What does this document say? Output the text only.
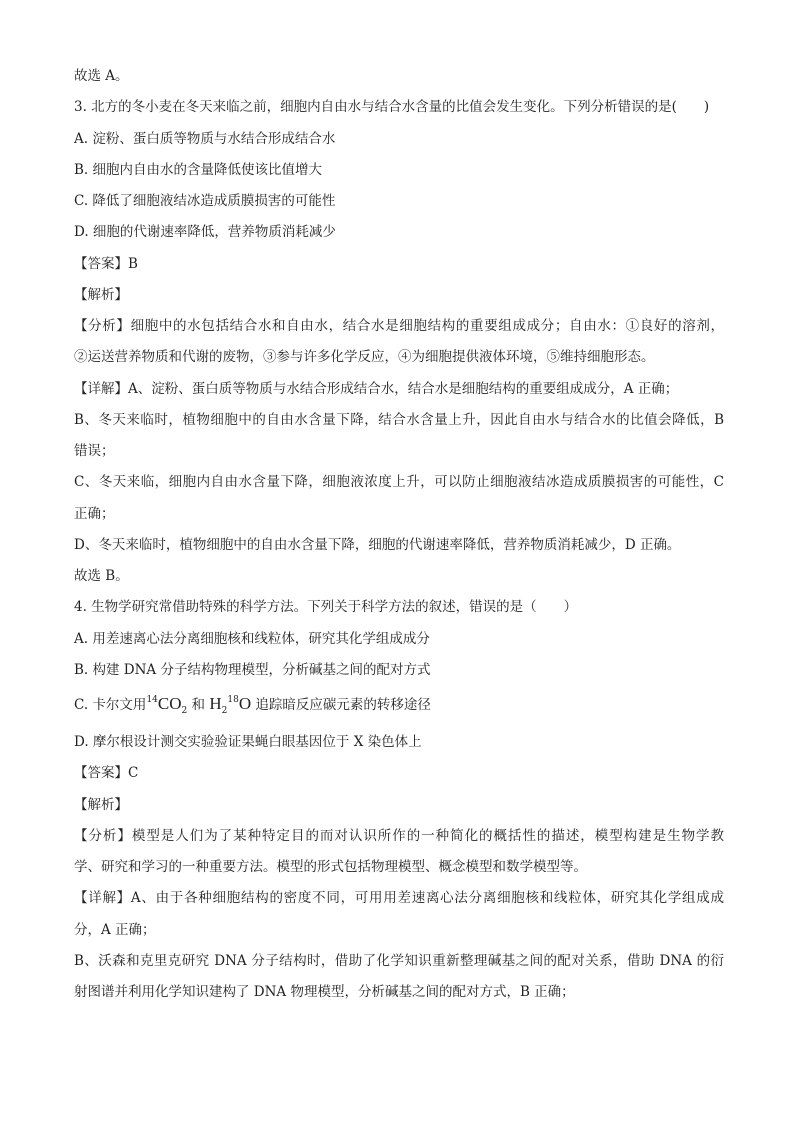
故选 A。
3. 北方的冬小麦在冬天来临之前，细胞内自由水与结合水含量的比值会发生变化。下列分析错误的是(　　)
A. 淀粉、蛋白质等物质与水结合形成结合水
B. 细胞内自由水的含量降低使该比值增大
C. 降低了细胞液结冰造成质膜损害的可能性
D. 细胞的代谢速率降低，营养物质消耗减少
【答案】B
【解析】
【分析】细胞中的水包括结合水和自由水，结合水是细胞结构的重要组成成分；自由水：①良好的溶剂，
②运送营养物质和代谢的废物，③参与许多化学反应，④为细胞提供液体环境，⑤维持细胞形态。
【详解】A、淀粉、蛋白质等物质与水结合形成结合水，结合水是细胞结构的重要组成成分，A 正确；
B、冬天来临时，植物细胞中的自由水含量下降，结合水含量上升，因此自由水与结合水的比值会降低，B
错误；
C、冬天来临，细胞内自由水含量下降，细胞液浓度上升，可以防止细胞液结冰造成质膜损害的可能性，C
正确；
D、冬天来临时，植物细胞中的自由水含量下降，细胞的代谢速率降低，营养物质消耗减少，D 正确。
故选 B。
4. 生物学研究常借助特殊的科学方法。下列关于科学方法的叙述，错误的是（　　）
A. 用差速离心法分离细胞核和线粒体，研究其化学组成成分
B. 构建 DNA 分子结构物理模型，分析碱基之间的配对方式
C. 卡尔文用$^{14}CO_2$ 和 $H_2^{18}O$ 追踪暗反应碳元素的转移途径
D. 摩尔根设计测交实验验证果蝇白眼基因位于 X 染色体上
【答案】C
【解析】
【分析】模型是人们为了某种特定目的而对认识所作的一种简化的概括性的描述，模型构建是生物学教
学、研究和学习的一种重要方法。模型的形式包括物理模型、概念模型和数学模型等。
【详解】A、由于各种细胞结构的密度不同，可用用差速离心法分离细胞核和线粒体，研究其化学组成成
分，A 正确；
B、沃森和克里克研究 DNA 分子结构时，借助了化学知识重新整理碱基之间的配对关系，借助 DNA 的衍
射图谱并利用化学知识建构了 DNA 物理模型，分析碱基之间的配对方式，B 正确；
